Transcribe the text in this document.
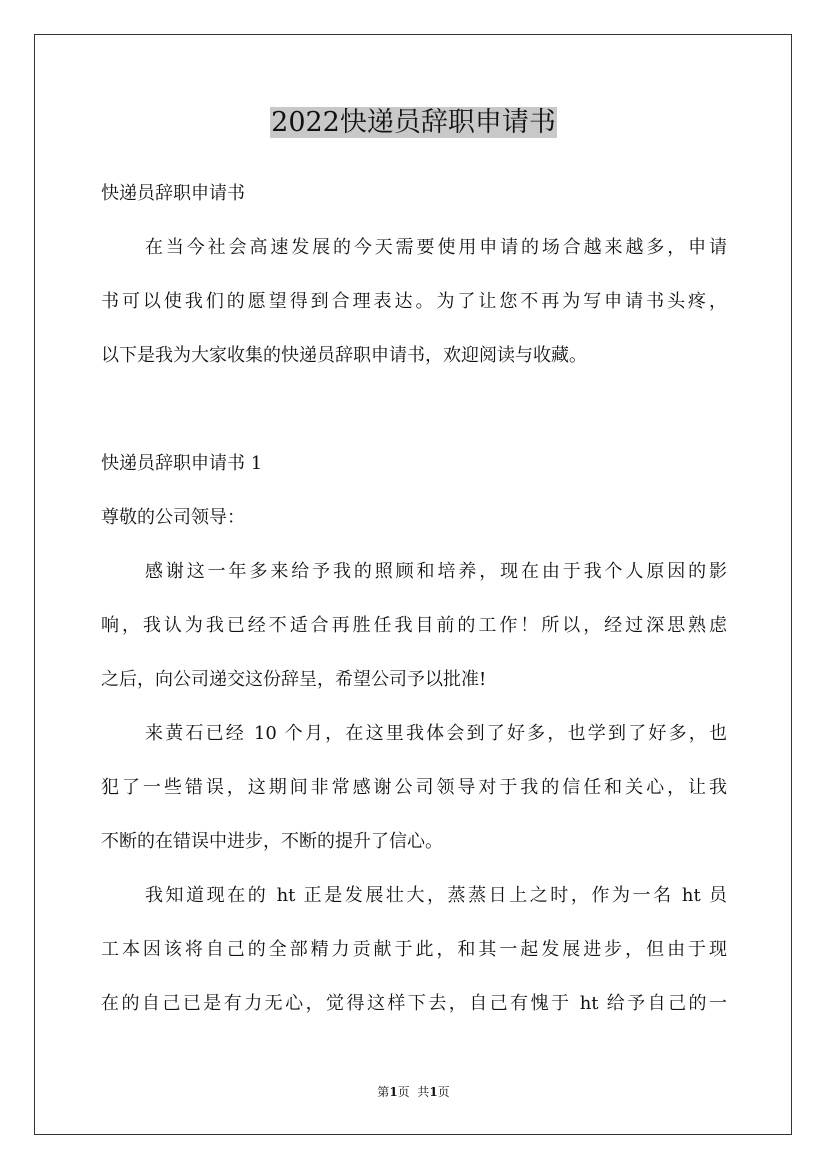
2022快递员辞职申请书

快递员辞职申请书

在当今社会高速发展的今天需要使用申请的场合越来越多，申请

书可以使我们的愿望得到合理表达。为了让您不再为写申请书头疼，

以下是我为大家收集的快递员辞职申请书，欢迎阅读与收藏。

快递员辞职申请书 1

尊敬的公司领导：

感谢这一年多来给予我的照顾和培养，现在由于我个人原因的影

响，我认为我已经不适合再胜任我目前的工作！所以，经过深思熟虑

之后，向公司递交这份辞呈，希望公司予以批准!

来黄石已经 10 个月，在这里我体会到了好多，也学到了好多，也

犯了一些错误，这期间非常感谢公司领导对于我的信任和关心，让我

不断的在错误中进步，不断的提升了信心。

我知道现在的 ht 正是发展壮大，蒸蒸日上之时，作为一名 ht 员

工本因该将自己的全部精力贡献于此，和其一起发展进步，但由于现

在的自己已是有力无心，觉得这样下去，自己有愧于 ht 给予自己的一

第1页  共1页
